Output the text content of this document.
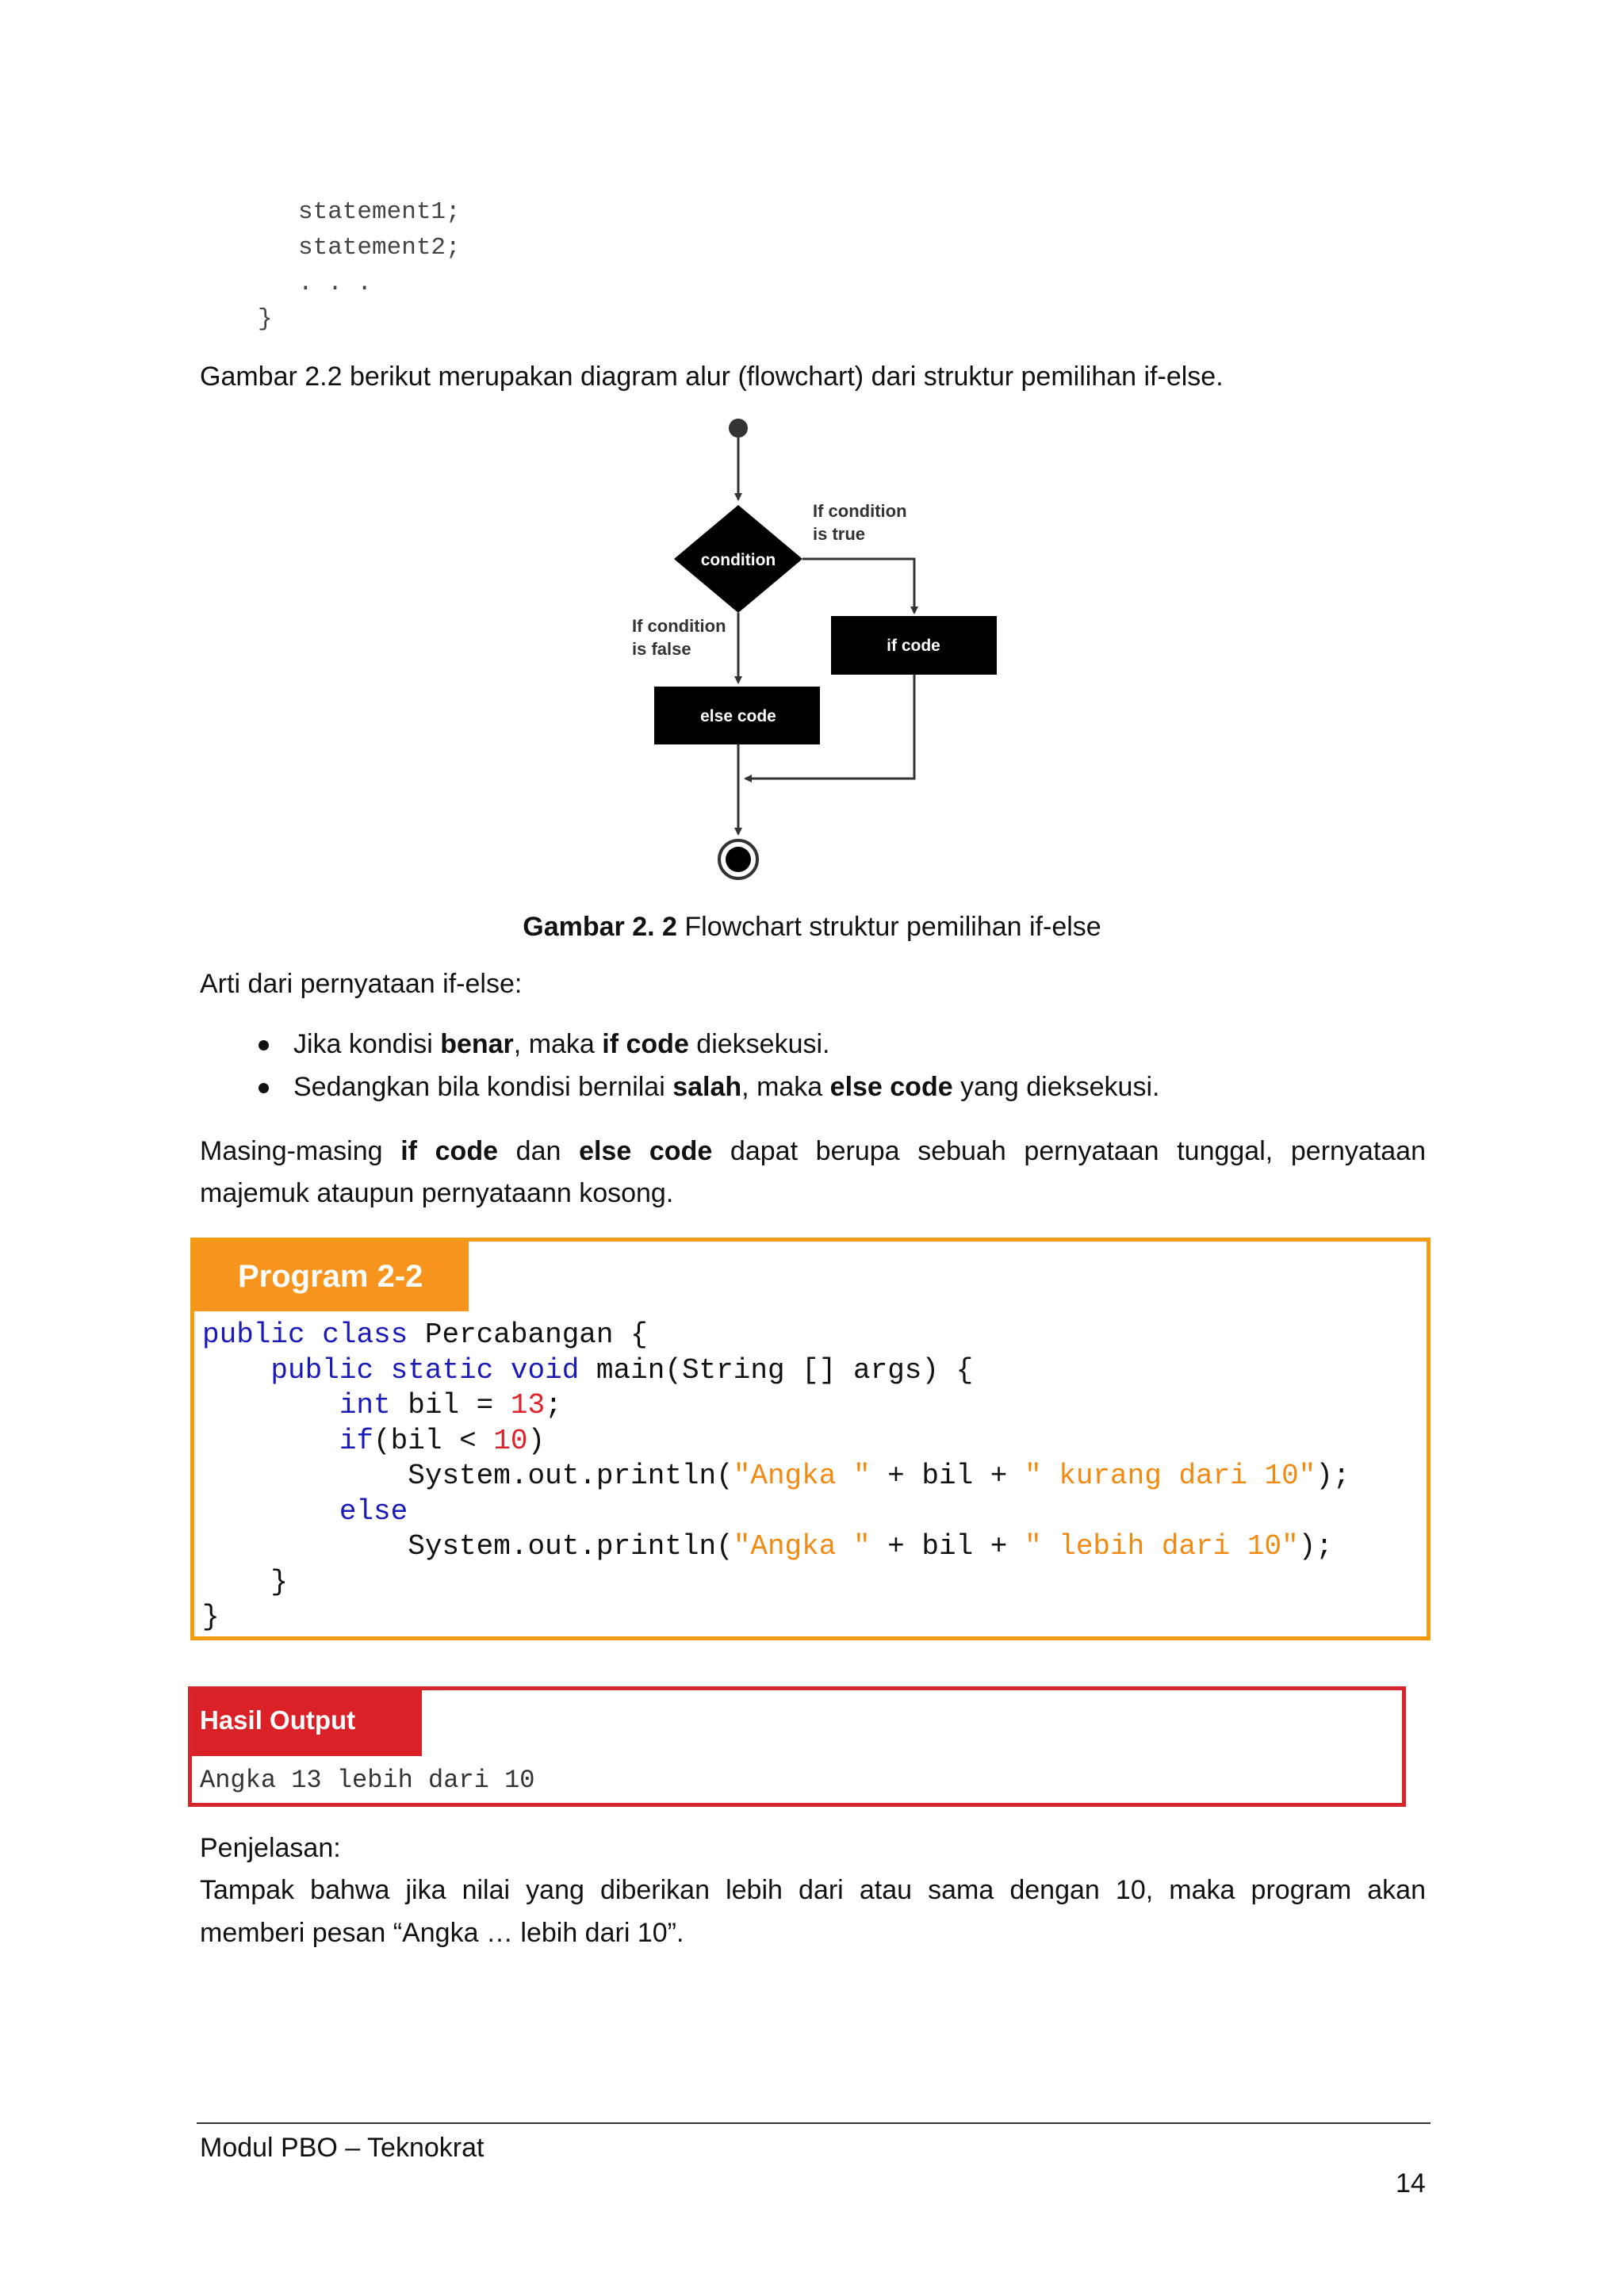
statement1;
statement2;
. . .
}
Gambar 2.2 berikut merupakan diagram alur (flowchart) dari struktur pemilihan if-else.
condition
If condition
is true
if code
If condition
is false
else code
Gambar 2. 2 Flowchart struktur pemilihan if-else
Arti dari pernyataan if-else:
Jika kondisi benar, maka if code dieksekusi.
Sedangkan bila kondisi bernilai salah, maka else code yang dieksekusi.
Masing-masing if code dan else code dapat berupa sebuah pernyataan tunggal, pernyataan
majemuk ataupun pernyataann kosong.
Program 2-2
public class Percabangan {
public static void main(String [] args) {
int bil = 13;
if(bil < 10)
System.out.println("Angka " + bil + " kurang dari 10");
else
System.out.println("Angka " + bil + " lebih dari 10");
}
}
Hasil Output
Angka 13 lebih dari 10
Penjelasan:
Tampak bahwa jika nilai yang diberikan lebih dari atau sama dengan 10, maka program akan
memberi pesan “Angka … lebih dari 10”.
Modul PBO – Teknokrat
14
